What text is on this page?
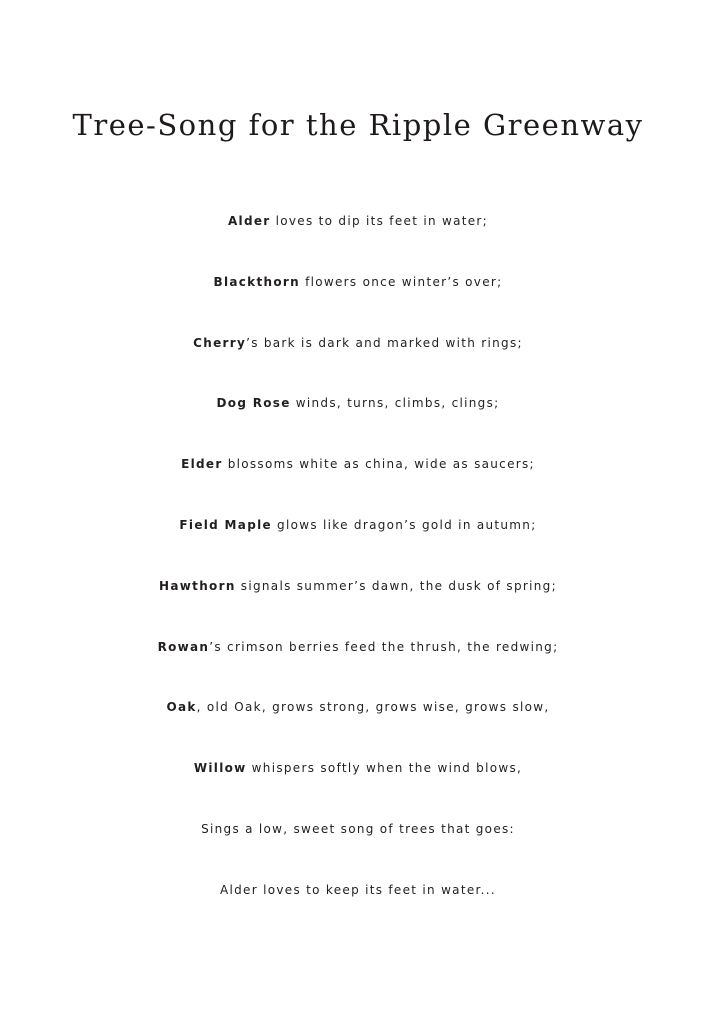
Tree-Song for the Ripple Greenway
Alder loves to dip its feet in water;
Blackthorn flowers once winter’s over;
Cherry’s bark is dark and marked with rings;
Dog Rose winds, turns, climbs, clings;
Elder blossoms white as china, wide as saucers;
Field Maple glows like dragon’s gold in autumn;
Hawthorn signals summer’s dawn, the dusk of spring;
Rowan’s crimson berries feed the thrush, the redwing;
Oak, old Oak, grows strong, grows wise, grows slow,
Willow whispers softly when the wind blows,
Sings a low, sweet song of trees that goes:
Alder loves to keep its feet in water...
